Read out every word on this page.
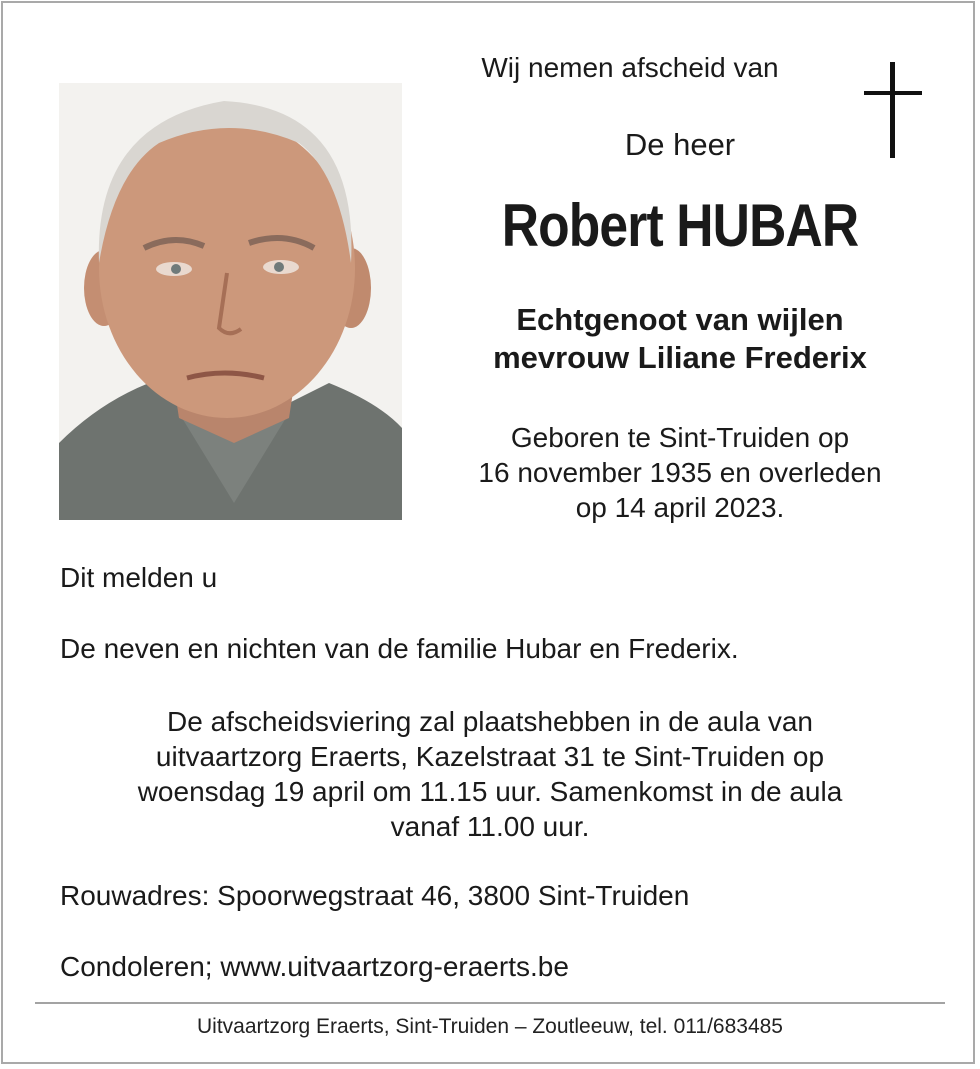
Wij nemen afscheid van
De heer
Robert HUBAR
Echtgenoot van wijlen
mevrouw Liliane Frederix
Geboren te Sint-Truiden op
16 november 1935 en overleden
op 14 april 2023.
Dit melden u
De neven en nichten van de familie Hubar en Frederix.
De afscheidsviering zal plaatshebben in de aula van
uitvaartzorg Eraerts, Kazelstraat 31 te Sint-Truiden op
woensdag 19 april om 11.15 uur. Samenkomst in de aula
vanaf 11.00 uur.
Rouwadres: Spoorwegstraat 46, 3800 Sint-Truiden
Condoleren; www.uitvaartzorg-eraerts.be
Uitvaartzorg Eraerts, Sint-Truiden – Zoutleeuw, tel. 011/683485
